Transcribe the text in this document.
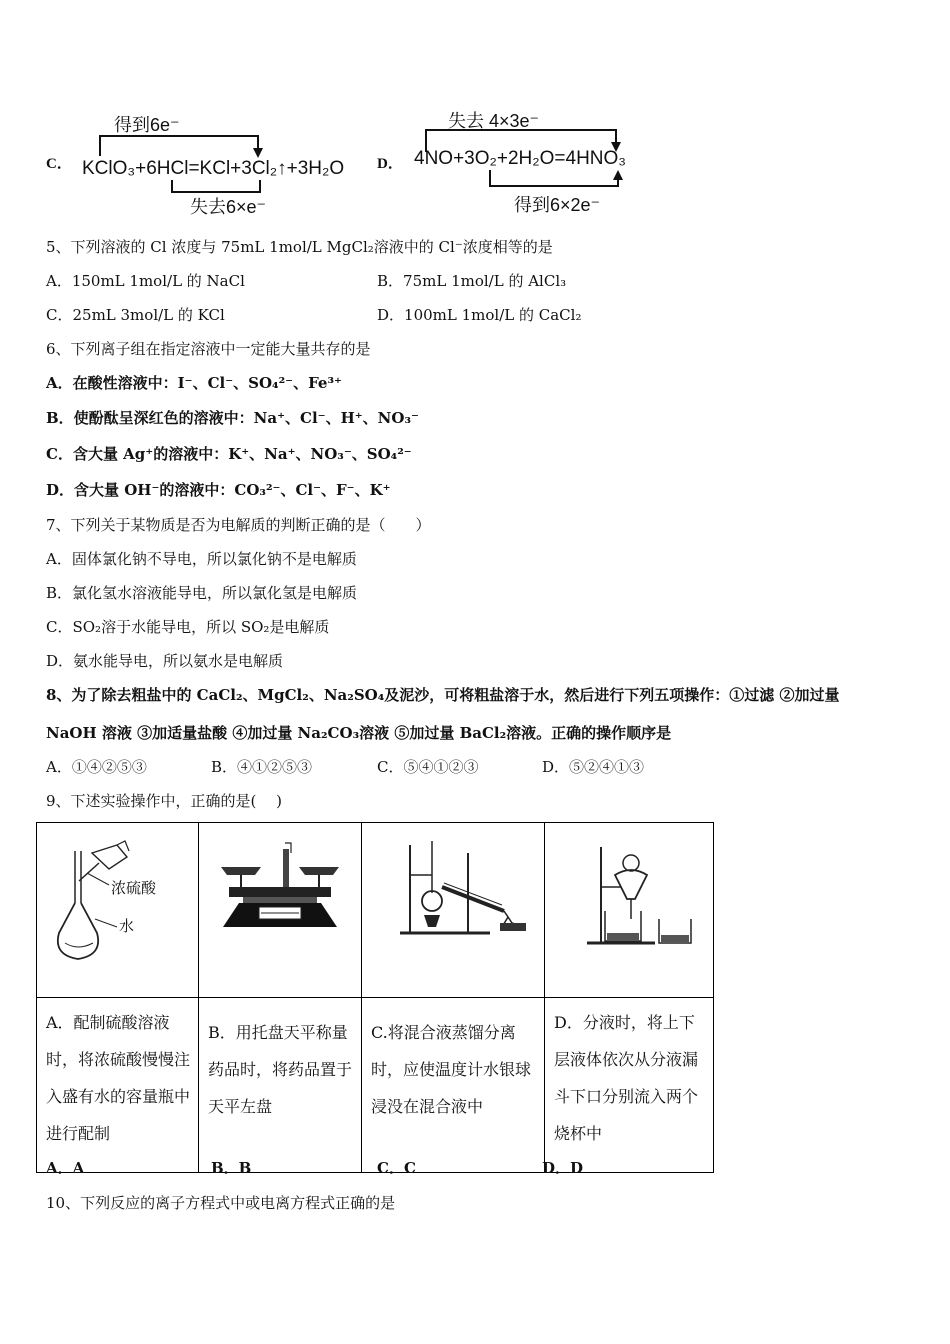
C．
得到6e⁻
KClO₃+6HCl=KCl+3Cl₂↑+3H₂O
失去6×e⁻
D．
失去 4×3e⁻
4NO+3O₂+2H₂O=4HNO₃
得到6×2e⁻
5、下列溶液的 Cl 浓度与 75mL 1mol/L MgCl₂溶液中的 Cl⁻浓度相等的是
A．150mL 1mol/L 的 NaCl	B．75mL 1mol/L 的 AlCl₃
C．25mL 3mol/L 的 KCl	D．100mL 1mol/L 的 CaCl₂
6、下列离子组在指定溶液中一定能大量共存的是
A．在酸性溶液中：I⁻、Cl⁻、SO₄²⁻、Fe³⁺
B．使酚酞呈深红色的溶液中：Na⁺、Cl⁻、H⁺、NO₃⁻
C．含大量 Ag⁺的溶液中：K⁺、Na⁺、NO₃⁻、SO₄²⁻
D．含大量 OH⁻的溶液中：CO₃²⁻、Cl⁻、F⁻、K⁺
7、下列关于某物质是否为电解质的判断正确的是（　　）
A．固体氯化钠不导电，所以氯化钠不是电解质
B．氯化氢水溶液能导电，所以氯化氢是电解质
C．SO₂溶于水能导电，所以 SO₂是电解质
D．氨水能导电，所以氨水是电解质
8、为了除去粗盐中的 CaCl₂、MgCl₂、Na₂SO₄及泥沙，可将粗盐溶于水，然后进行下列五项操作：①过滤 ②加过量
NaOH 溶液 ③加适量盐酸 ④加过量 Na₂CO₃溶液 ⑤加过量 BaCl₂溶液。正确的操作顺序是
A．①④②⑤③	B．④①②⑤③	C．⑤④①②③	D．⑤②④①③
9、下述实验操作中，正确的是(　 )
浓硫酸
水

A．配制硫酸溶液时，将浓硫酸慢慢注入盛有水的容量瓶中进行配制	B．用托盘天平称量药品时，将药品置于天平左盘	C.将混合液蒸馏分离时，应使温度计水银球浸没在混合液中	D．分液时，将上下层液体依次从分液漏斗下口分别流入两个烧杯中
A．A	B．B	C．C	D．D
10、下列反应的离子方程式中或电离方程式正确的是
